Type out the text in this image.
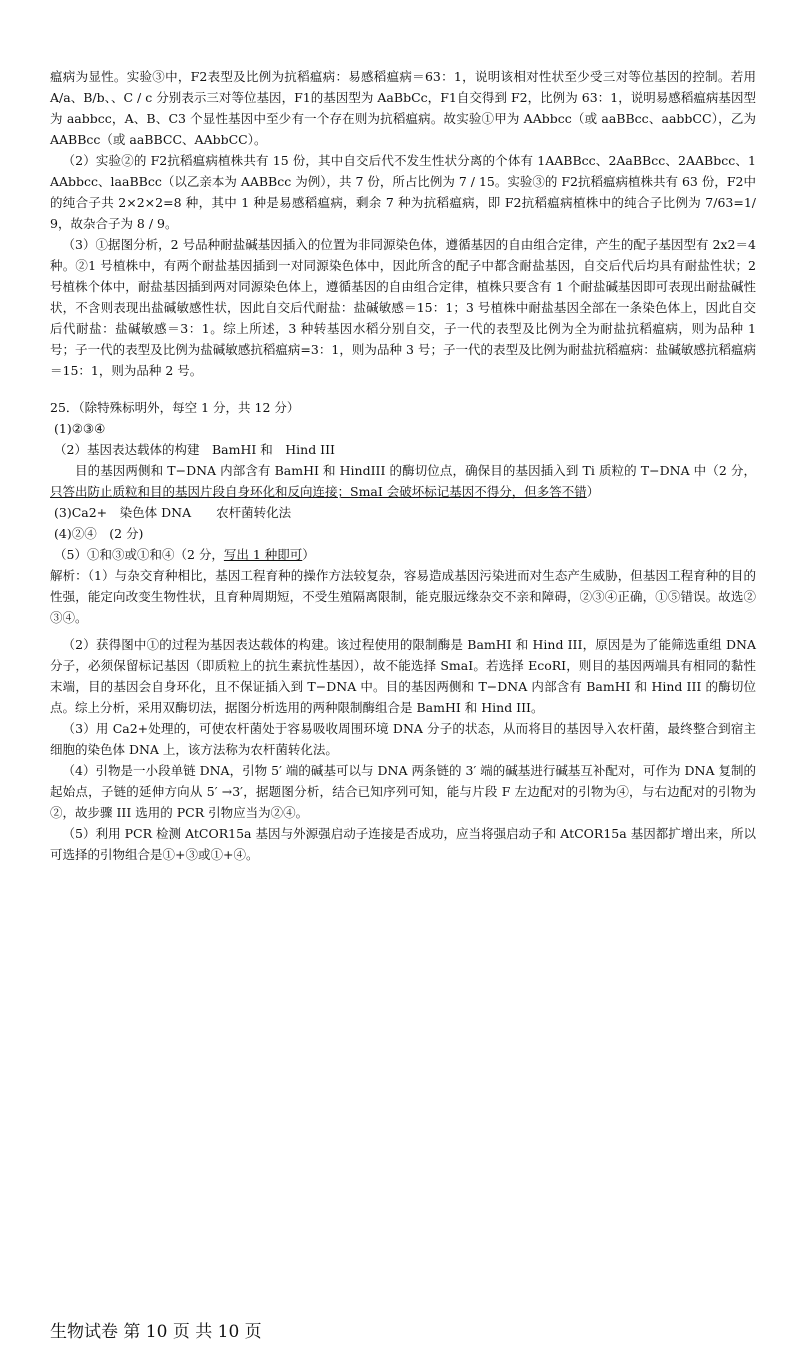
瘟病为显性。实验③中，F2表型及比例为抗稻瘟病：易感稻瘟病＝63：1，说明该相对性状至少受三对等位基因的控制。若用 A/a、B/b、、C / c 分别表示三对等位基因，F1的基因型为 AaBbCc，F1自交得到 F2，比例为 63：1，说明易感稻瘟病基因型为 aabbcc，A、B、C3 个显性基因中至少有一个存在则为抗稻瘟病。故实验①甲为 AAbbcc（或 aaBBcc、aabbCC），乙为 AABBcc（或 aaBBCC、AAbbCC）。

（2）实验②的 F2抗稻瘟病植株共有 15 份，其中自交后代不发生性状分离的个体有 1AABBcc、2AaBBcc、2AABbcc、1AAbbcc、laaBBcc（以乙亲本为 AABBcc 为例），共 7 份，所占比例为 7 / 15。实验③的 F2抗稻瘟病植株共有 63 份，F2中的纯合子共 2×2×2=8 种，其中 1 种是易感稻瘟病，剩余 7 种为抗稻瘟病，即 F2抗稻瘟病植株中的纯合子比例为 7/63=1/9，故杂合子为 8 / 9。

（3）①据图分析，2 号品种耐盐碱基因插入的位置为非同源染色体，遵循基因的自由组合定律，产生的配子基因型有 2x2＝4 种。②1 号植株中，有两个耐盐基因插到一对同源染色体中，因此所含的配子中都含耐盐基因，自交后代后均具有耐盐性状；2 号植株个体中，耐盐基因插到两对同源染色体上，遵循基因的自由组合定律，植株只要含有 1 个耐盐碱基因即可表现出耐盐碱性状，不含则表现出盐碱敏感性状，因此自交后代耐盐：盐碱敏感＝15：1；3 号植株中耐盐基因全部在一条染色体上，因此自交后代耐盐：盐碱敏感＝3：1。综上所述，3 种转基因水稻分别自交，子一代的表型及比例为全为耐盐抗稻瘟病，则为品种 1 号；子一代的表型及比例为盐碱敏感抗稻瘟病=3：1，则为品种 3 号；子一代的表型及比例为耐盐抗稻瘟病：盐碱敏感抗稻瘟病＝15：1，则为品种 2 号。

25．（除特殊标明外，每空 1 分，共 12 分）

(1)②③④

（2）基因表达载体的构建　BamHI 和　Hind III

目的基因两侧和 T−DNA 内部含有 BamHI 和 HindIII 的酶切位点，确保目的基因插入到 Ti 质粒的 T−DNA 中（2 分，只答出防止质粒和目的基因片段自身环化和反向连接；SmaI 会破坏标记基因不得分，但多答不错）

(3)Ca2+　染色体 DNA　　农杆菌转化法

(4)②④　(2 分)

（5）①和③或①和④（2 分，写出 1 种即可）

解析：（1）与杂交育种相比，基因工程育种的操作方法较复杂，容易造成基因污染进而对生态产生威胁，但基因工程育种的目的性强，能定向改变生物性状，且育种周期短，不受生殖隔离限制，能克服远缘杂交不亲和障碍，②③④正确，①⑤错误。故选②③④。

（2）获得图中①的过程为基因表达载体的构建。该过程使用的限制酶是 BamHI 和 Hind III，原因是为了能筛选重组 DNA 分子，必须保留标记基因（即质粒上的抗生素抗性基因），故不能选择 SmaI。若选择 EcoRI，则目的基因两端具有相同的黏性末端，目的基因会自身环化，且不保证插入到 T−DNA 中。目的基因两侧和 T−DNA 内部含有 BamHI 和 Hind III 的酶切位点。综上分析，采用双酶切法，据图分析选用的两种限制酶组合是 BamHI 和 Hind III。

（3）用 Ca2+处理的，可使农杆菌处于容易吸收周围环境 DNA 分子的状态，从而将目的基因导入农杆菌，最终整合到宿主细胞的染色体 DNA 上，该方法称为农杆菌转化法。

（4）引物是一小段单链 DNA，引物 5′ 端的碱基可以与 DNA 两条链的 3′ 端的碱基进行碱基互补配对，可作为 DNA 复制的起始点，子链的延伸方向从 5′ →3′，据题图分析，结合已知序列可知，能与片段 F 左边配对的引物为④，与右边配对的引物为②，故步骤 III 选用的 PCR 引物应当为②④。

（5）利用 PCR 检测 AtCOR15a 基因与外源强启动子连接是否成功，应当将强启动子和 AtCOR15a 基因都扩增出来，所以可选择的引物组合是①+③或①+④。

生物试卷 第 10 页 共 10 页
